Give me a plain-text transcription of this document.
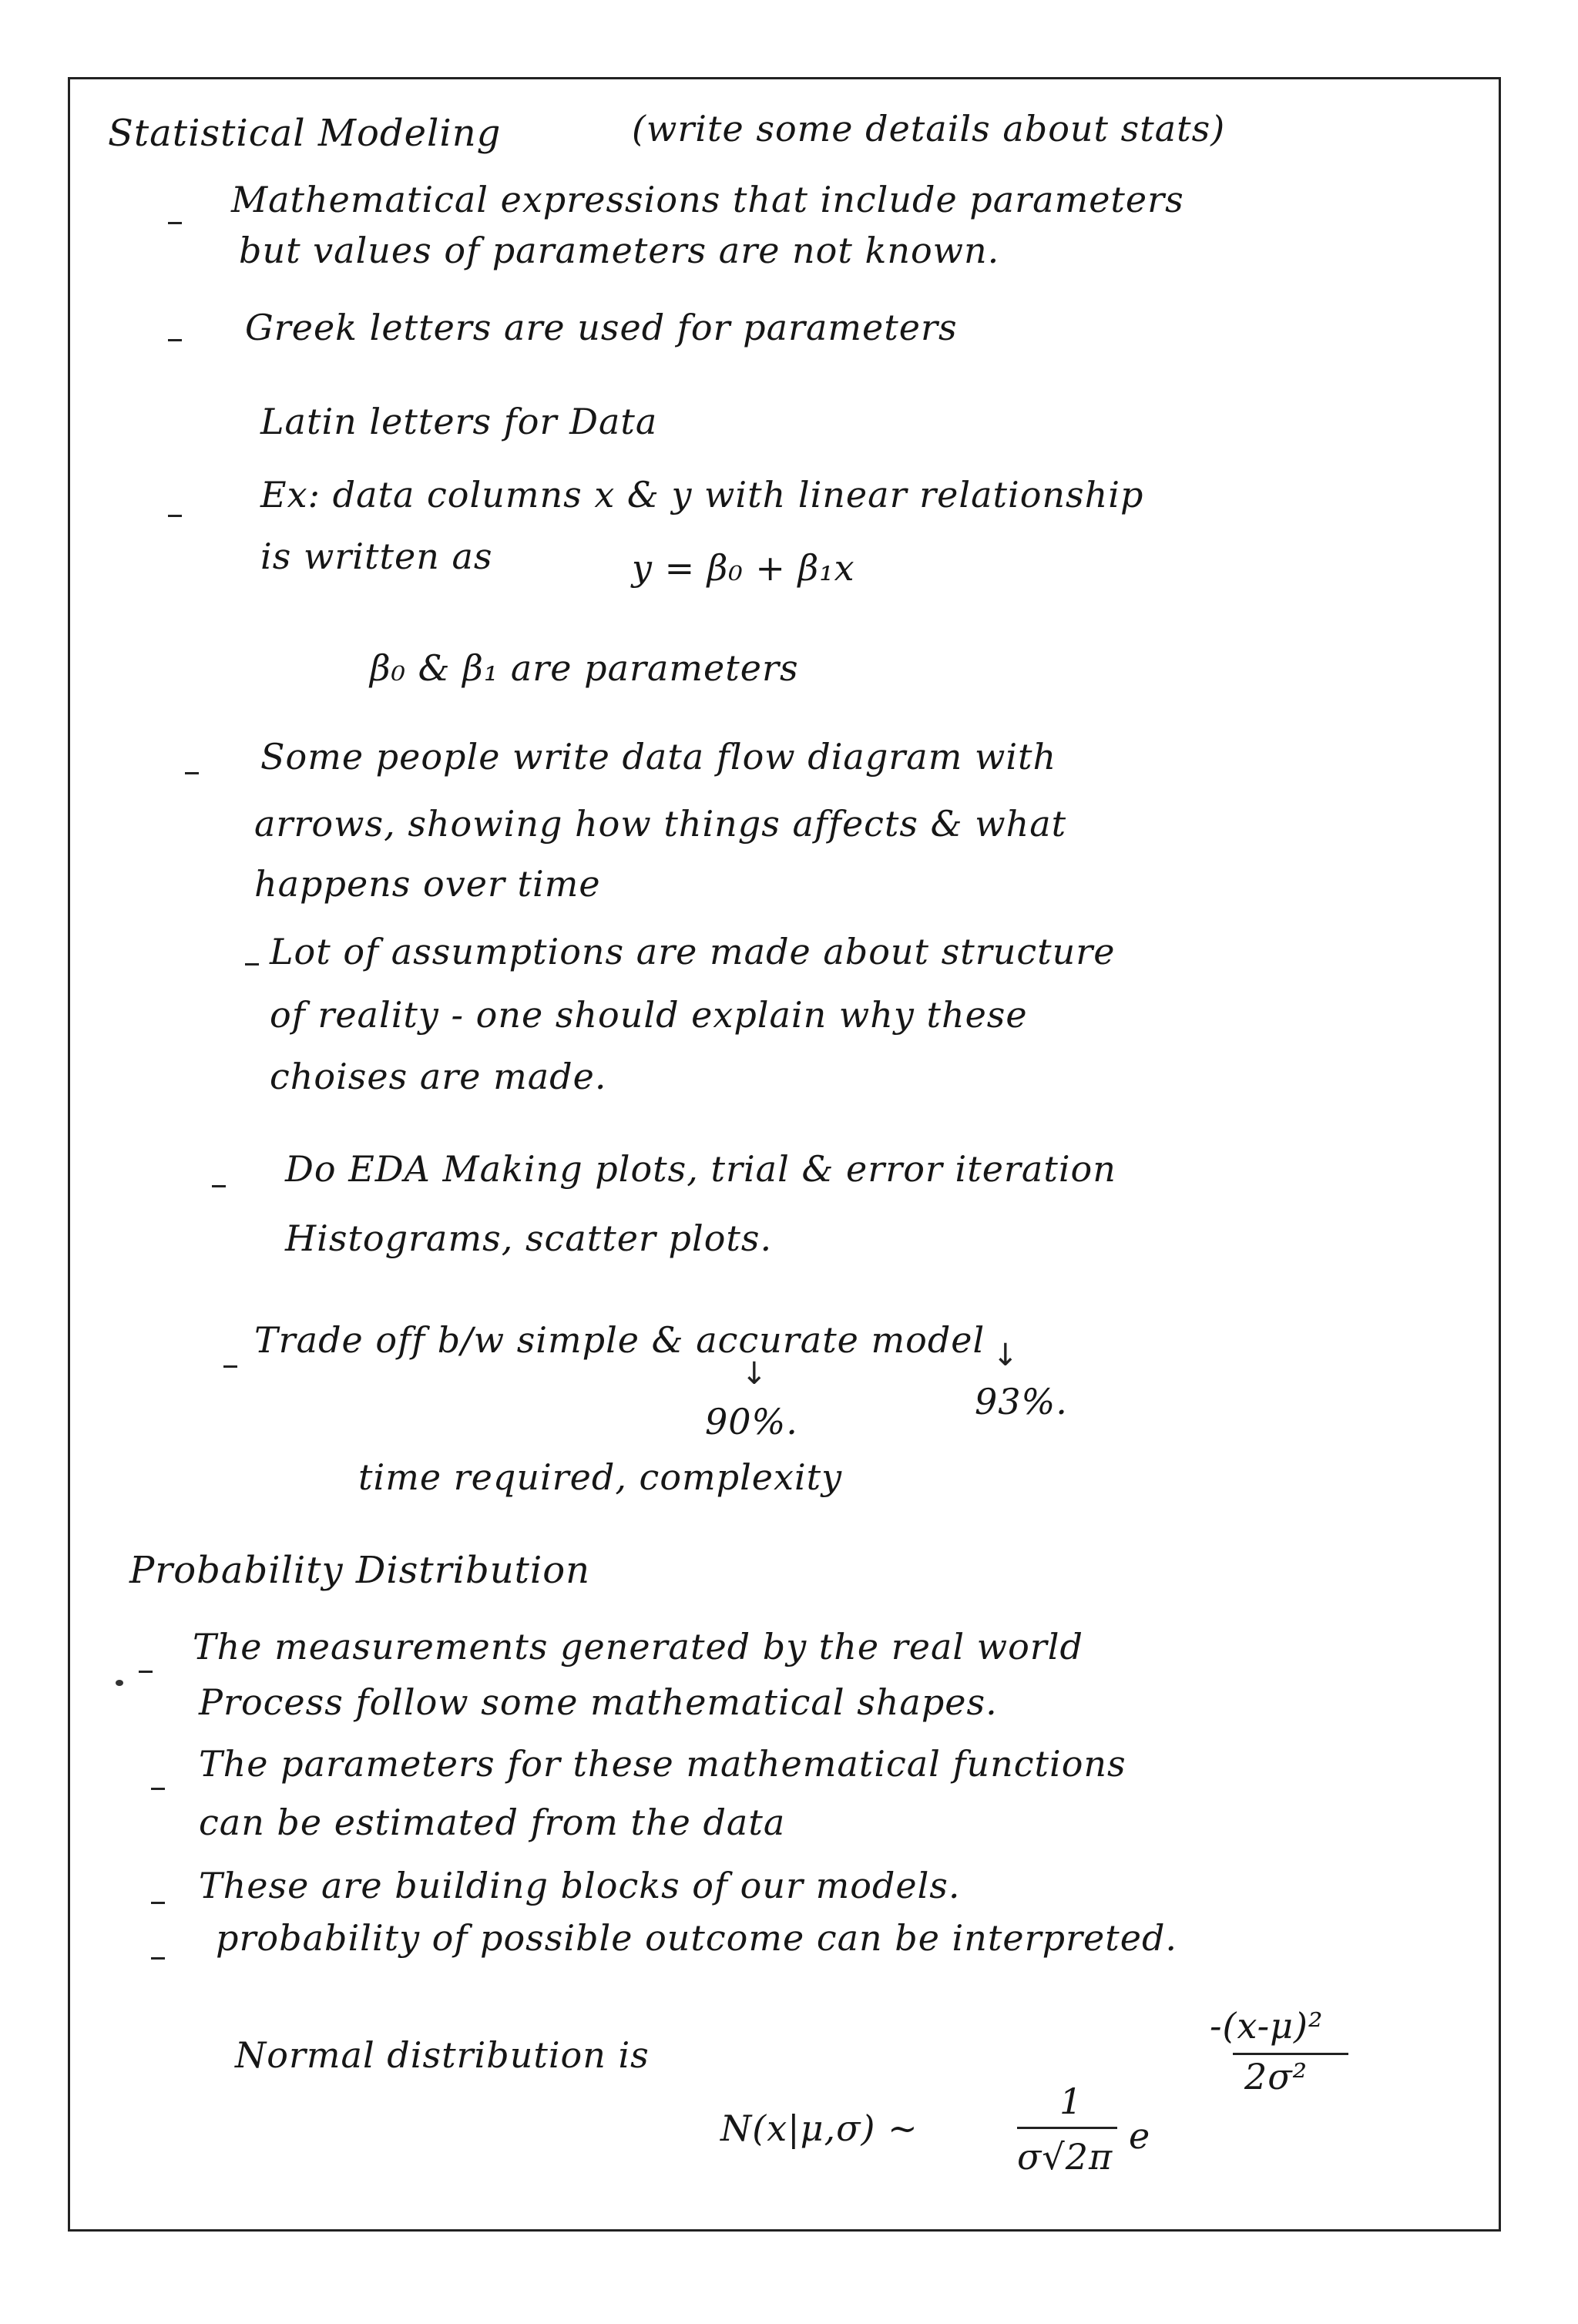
Statistical Modeling	(write some details about stats)
Mathematical expressions that include parameters
but values of parameters are not known.
Greek letters are used for parameters
Latin letters for Data
Ex: data columns x & y with linear relationship
is written as	y = β₀ + β₁x
β₀ & β₁ are parameters
Some people write data flow diagram with
arrows, showing how things affects & what
happens over time
Lot of assumptions are made about structure
of reality - one should explain why these
choises are made.
Do EDA Making plots, trial & error iteration
Histograms, scatter plots.
Trade off b/w simple & accurate model
↓
↓
90%.	93%.
time required, complexity
Probability Distribution
The measurements generated by the real world
Process follow some mathematical shapes.
The parameters for these mathematical functions
can be estimated from the data
These are building blocks of our models.
probability of possible outcome can be interpreted.
Normal distribution is
N(x|μ,σ) ~
1
σ√2π e
-(x-μ)²
2σ²
